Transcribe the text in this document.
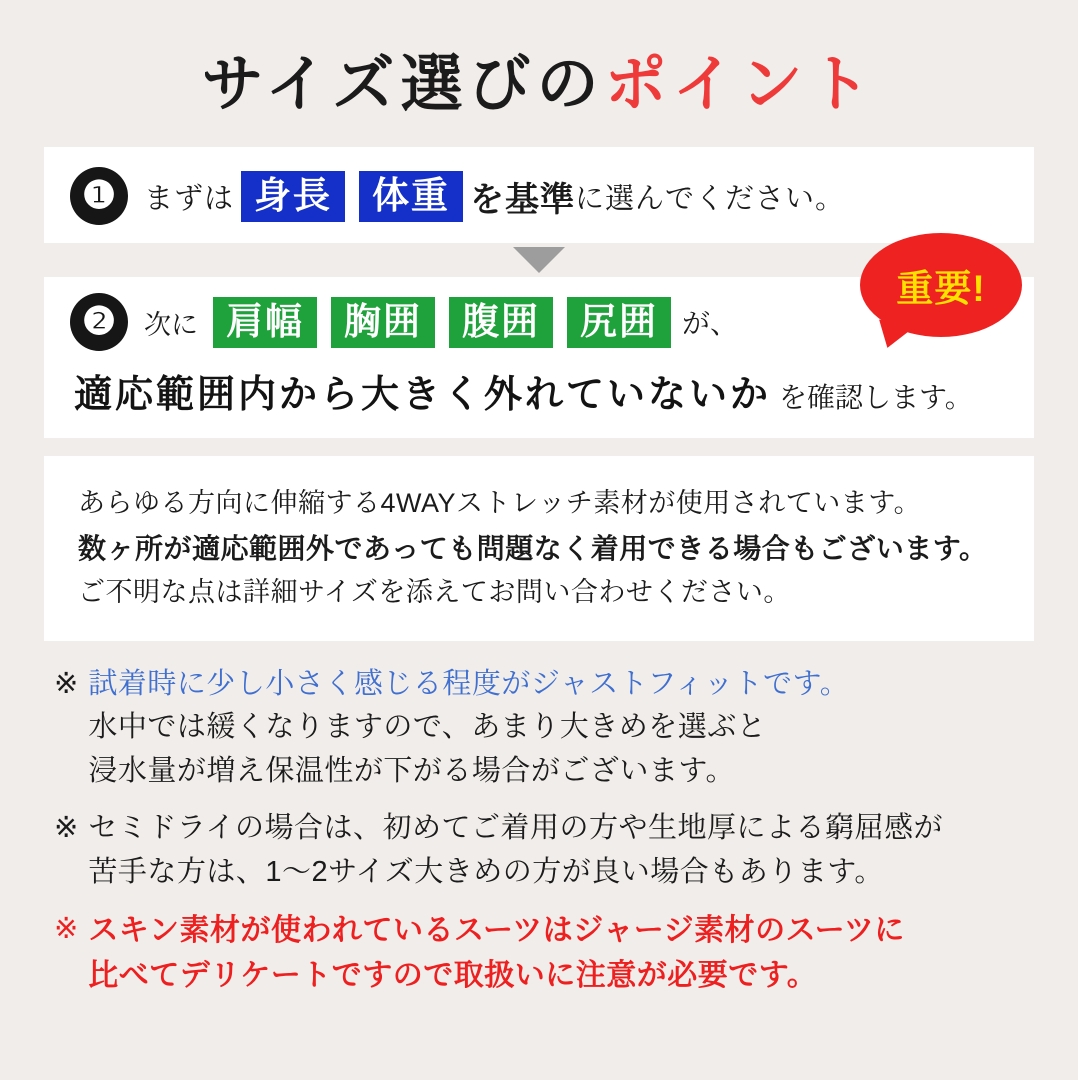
サイズ選びのポイント
❶ まずは 身長	体重 を基準 に選んでください。
重要!
❷	次に 肩幅	胸囲	腹囲	尻囲 が、
適応範囲内から大きく外れていないか を確認します。
あらゆる方向に伸縮する4WAYストレッチ素材が使用されています。
数ヶ所が適応範囲外であっても問題なく着用できる場合もございます。
ご不明な点は詳細サイズを添えてお問い合わせください。
※ 試着時に少し小さく感じる程度がジャストフィットです。
水中では緩くなりますので、あまり大きめを選ぶと
浸水量が増え保温性が下がる場合がございます。
※ セミドライの場合は、初めてご着用の方や生地厚による窮屈感が
苦手な方は、1〜2サイズ大きめの方が良い場合もあります。
※ スキン素材が使われているスーツはジャージ素材のスーツに
比べてデリケートですので取扱いに注意が必要です。
